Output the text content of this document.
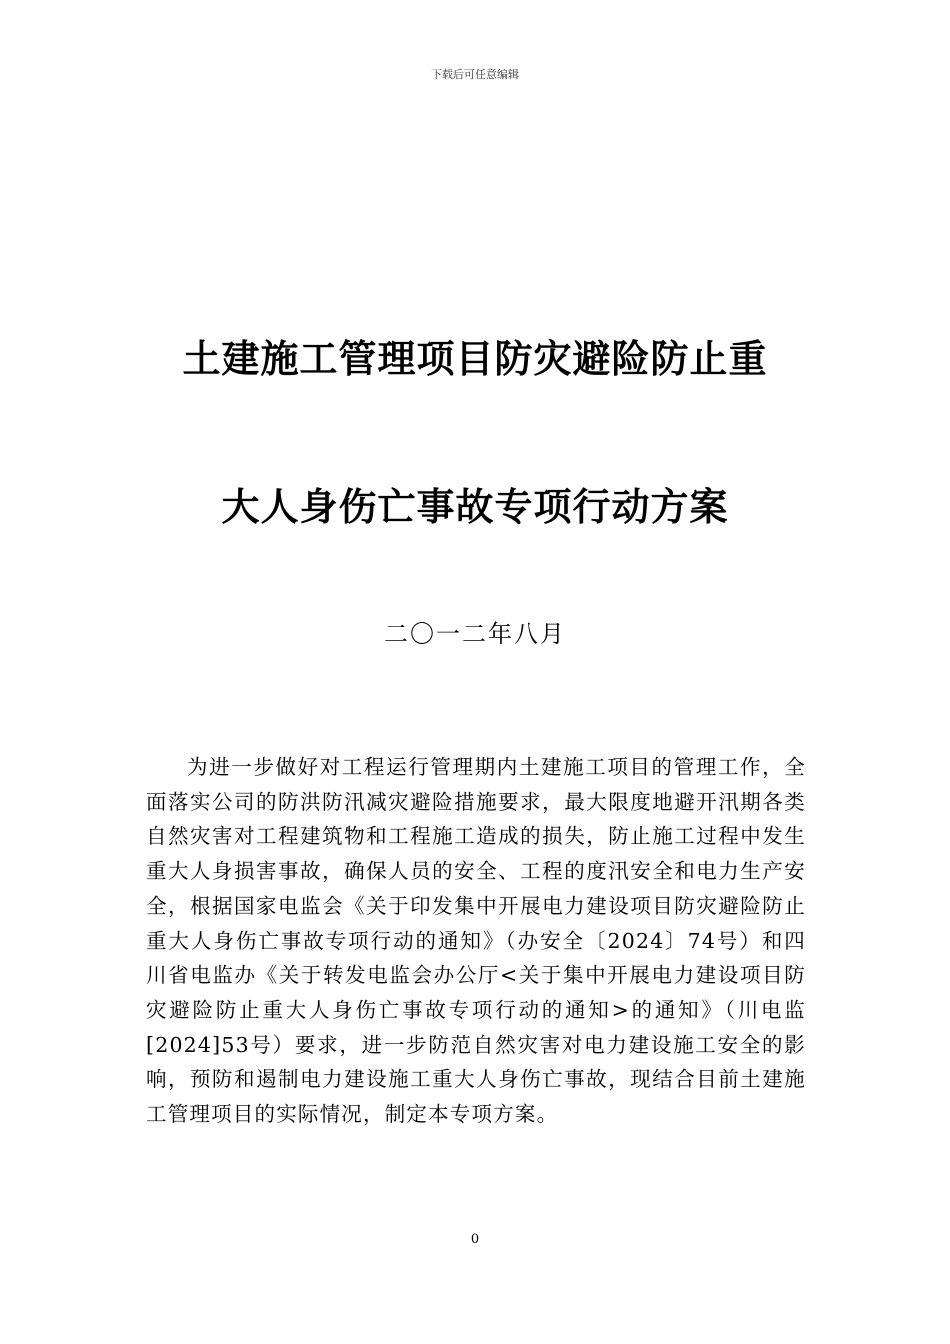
下载后可任意编辑
土建施工管理项目防灾避险防止重
大人身伤亡事故专项行动方案
二〇一二年八月

为进一步做好对工程运行管理期内土建施工项目的管理工作，全面落实公司的防洪防汛减灾避险措施要求，最大限度地避开汛期各类自然灾害对工程建筑物和工程施工造成的损失，防止施工过程中发生重大人身损害事故，确保人员的安全、工程的度汛安全和电力生产安全，根据国家电监会《关于印发集中开展电力建设项目防灾避险防止重大人身伤亡事故专项行动的通知》（办安全〔2024〕74号）和四川省电监办《关于转发电监会办公厅<关于集中开展电力建设项目防灾避险防止重大人身伤亡事故专项行动的通知>的通知》（川电监[2024]53号）要求，进一步防范自然灾害对电力建设施工安全的影响，预防和遏制电力建设施工重大人身伤亡事故，现结合目前土建施工管理项目的实际情况，制定本专项方案。

0
